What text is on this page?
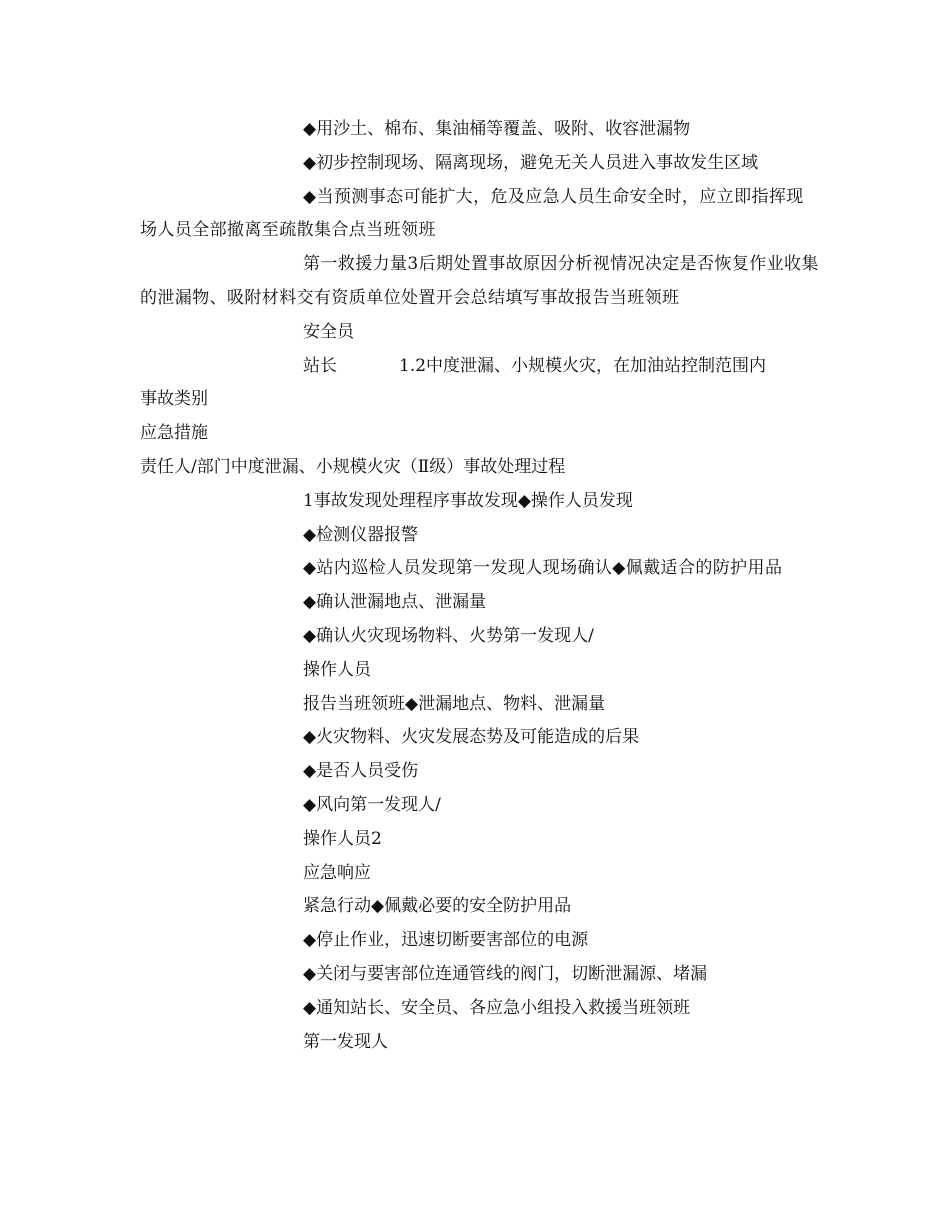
◆用沙土、棉布、集油桶等覆盖、吸附、收容泄漏物
◆初步控制现场、隔离现场，避免无关人员进入事故发生区域
◆当预测事态可能扩大，危及应急人员生命安全时，应立即指挥现场人员全部撤离至疏散集合点当班领班
第一救援力量3后期处置事故原因分析视情况决定是否恢复作业收集的泄漏物、吸附材料交有资质单位处置开会总结填写事故报告当班领班
安全员
站长	1.2中度泄漏、小规模火灾，在加油站控制范围内
事故类别
应急措施
责任人/部门中度泄漏、小规模火灾（Ⅱ级）事故处理过程
1事故发现处理程序事故发现◆操作人员发现
◆检测仪器报警
◆站内巡检人员发现第一发现人现场确认◆佩戴适合的防护用品
◆确认泄漏地点、泄漏量
◆确认火灾现场物料、火势第一发现人/
操作人员
报告当班领班◆泄漏地点、物料、泄漏量
◆火灾物料、火灾发展态势及可能造成的后果
◆是否人员受伤
◆风向第一发现人/
操作人员2
应急响应
紧急行动◆佩戴必要的安全防护用品
◆停止作业，迅速切断要害部位的电源
◆关闭与要害部位连通管线的阀门，切断泄漏源、堵漏
◆通知站长、安全员、各应急小组投入救援当班领班
第一发现人
